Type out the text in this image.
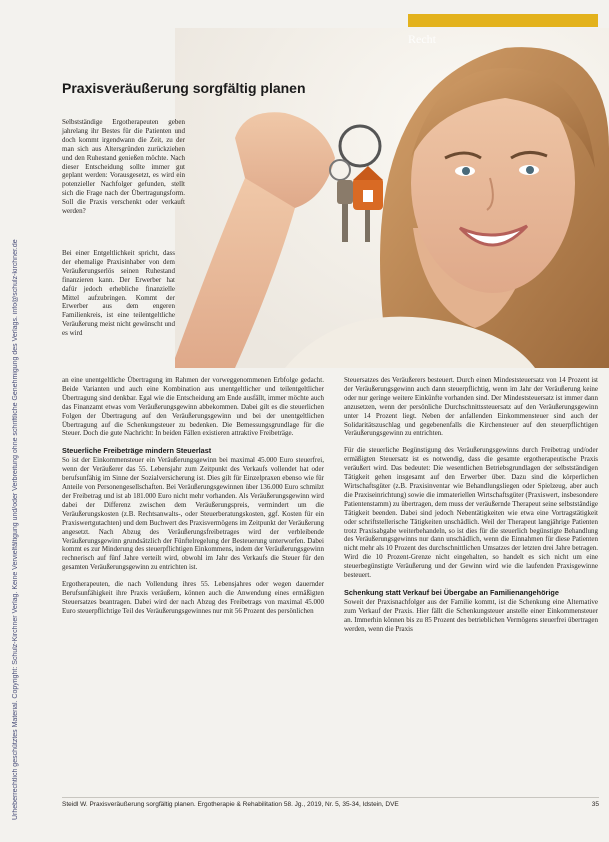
Urheberrechtlich geschütztes Material. Copyright: Schulz-Kirchner Verlag. Keine Vervielfältigung und/oder Verbreitung ohne schriftliche Genehmigung des Verlags. info@schulz-kirchner.de
Recht
Praxisveräußerung sorgfältig planen

Selbstständige Ergotherapeuten geben jahrelang ihr Bestes für die Patienten und doch kommt irgendwann die Zeit, zu der man sich aus Altersgründen zurückziehen und den Ruhestand genießen möchte. Nach dieser Entscheidung sollte immer gut geplant werden: Vorausgesetzt, es wird ein potenzieller Nachfolger gefunden, stellt sich die Frage nach der Übertragungsform. Soll die Praxis verschenkt oder verkauft werden?

Bei einer Entgeltlichkeit spricht, dass der ehemalige Praxisinhaber von dem Veräußerungserlös seinen Ruhestand finanzieren kann. Der Erwerber hat dafür jedoch erhebliche finanzielle Mittel aufzubringen. Kommt der Erwerber aus dem engeren Familienkreis, ist eine teilentgeltliche Veräußerung meist nicht gewünscht und es wird

an eine unentgeltliche Übertragung im Rahmen der vorweggenommenen Erbfolge gedacht. Beide Varianten und auch eine Kombination aus unentgeltlicher und teilentgeltlicher Übertragung sind denkbar. Egal wie die Entscheidung am Ende ausfällt, immer möchte auch das Finanzamt etwas vom Veräußerungsgewinn abbekommen. Dabei gilt es die steuerlichen Folgen der Übertragung auf den Veräußerungsgewinn und bei der unentgeltlichen Übertragung auf die Schenkungsteuer zu bedenken. Die Bemessungsgrundlage für die Steuer. Doch die gute Nachricht: In beiden Fällen existieren attraktive Freibeträge.

Steuerliche Freibeträge mindern Steuerlast

So ist der Einkommensteuer ein Veräußerungsgewinn bei maximal 45.000 Euro steuerfrei, wenn der Veräußerer das 55. Lebensjahr zum Zeitpunkt des Verkaufs vollendet hat oder berufsunfähig im Sinne der Sozialversicherung ist. Dies gilt für Einzelpraxen ebenso wie für Anteile von Personengesellschaften. Bei Veräußerungsgewinnen über 136.000 Euro schmilzt der Freibetrag und ist ab 181.000 Euro nicht mehr vorhanden. Als Veräußerungsgewinn wird dabei der Differenz zwischen dem Veräußerungspreis, vermindert um die Veräußerungskosten (z.B. Rechtsanwalts-, oder Steuerberatungskosten, ggf. Kosten für ein Praxiswertgutachten) und dem Buchwert des Praxisvermögens im Zeitpunkt der Veräußerung angesetzt. Nach Abzug des Veräußerungsfreibetrages wird der verbleibende Veräußerungsgewinn grundsätzlich der Fünftelregelung der Besteuerung unterworfen. Dabei kommt es zur Minderung des steuerpflichtigen Einkommens, indem der Veräußerungsgewinn rechnerisch auf fünf Jahre verteilt wird, obwohl im Jahr des Verkaufs die Steuer für den gesamten Veräußerungsgewinn zu entrichten ist.

Ergotherapeuten, die nach Vollendung ihres 55. Lebensjahres oder wegen dauernder Berufsunfähigkeit ihre Praxis veräußern, können auch die Anwendung eines ermäßigten Steuersatzes beantragen. Dabei wird der nach Abzug des Freibetrags von maximal 45.000 Euro steuerpflichtige Teil des Veräußerungsgewinnes nur mit 56 Prozent des persönlichen

Steuersatzes des Veräußerers besteuert. Durch einen Mindeststeuersatz von 14 Prozent ist der Veräußerungsgewinn auch dann steuerpflichtig, wenn im Jahr der Veräußerung keine oder nur geringe weitere Einkünfte vorhanden sind. Der Mindeststeuersatz ist immer dann anzusetzen, wenn der persönliche Durchschnittssteuersatz auf den Veräußerungsgewinn unter 14 Prozent liegt. Neben der anfallenden Einkommensteuer sind auch der Solidaritätszuschlag und gegebenenfalls die Kirchensteuer auf den steuerpflichtigen Veräußerungsgewinn zu entrichten.

Für die steuerliche Begünstigung des Veräußerungsgewinns durch Freibetrag und/oder ermäßigten Steuersatz ist es notwendig, dass die gesamte ergotherapeutische Praxis veräußert wird. Das bedeutet: Die wesentlichen Betriebsgrundlagen der selbstständigen Tätigkeit gehen insgesamt auf den Erwerber über. Dazu sind die körperlichen Wirtschaftsgüter (z.B. Praxisinventar wie Behandlungsliegen oder Spielzeug, aber auch die Praxiseinrichtung) sowie die immateriellen Wirtschaftsgüter (Praxiswert, insbesondere Patientenstamm) zu übertragen, dem muss der veräußernde Therapeut seine selbstständige Tätigkeit beenden. Dabei sind jedoch Nebentätigkeiten wie etwa eine Vortragstätigkeit oder schriftstellerische Tätigkeiten unschädlich. Weil der Therapeut langjährige Patienten trotz Praxisabgabe weiterbehandeln, so ist dies für die steuerlich begünstigte Behandlung des Veräußerungsgewinns nur dann unschädlich, wenn die Einnahmen für diese Patienten nicht mehr als 10 Prozent des durchschnittlichen Umsatzes der letzten drei Jahre betragen. Wird die 10 Prozent-Grenze nicht eingehalten, so handelt es sich nicht um eine steuerbegünstigte Veräußerung und der Gewinn wird wie die laufenden Praxisgewinne besteuert.

Schenkung statt Verkauf bei Übergabe an Familienangehörige

Soweit der Praxisnachfolger aus der Familie kommt, ist die Schenkung eine Alternative zum Verkauf der Praxis. Hier fällt die Schenkungsteuer anstelle einer Einkommensteuer an. Immerhin können bis zu 85 Prozent des betrieblichen Vermögens steuerfrei übertragen werden, wenn die Praxis

Steidl W. Praxisveräußerung sorgfältig planen. Ergotherapie & Rehabilitation 58. Jg., 2019, Nr. 5, 35-34, Idstein, DVE	35
